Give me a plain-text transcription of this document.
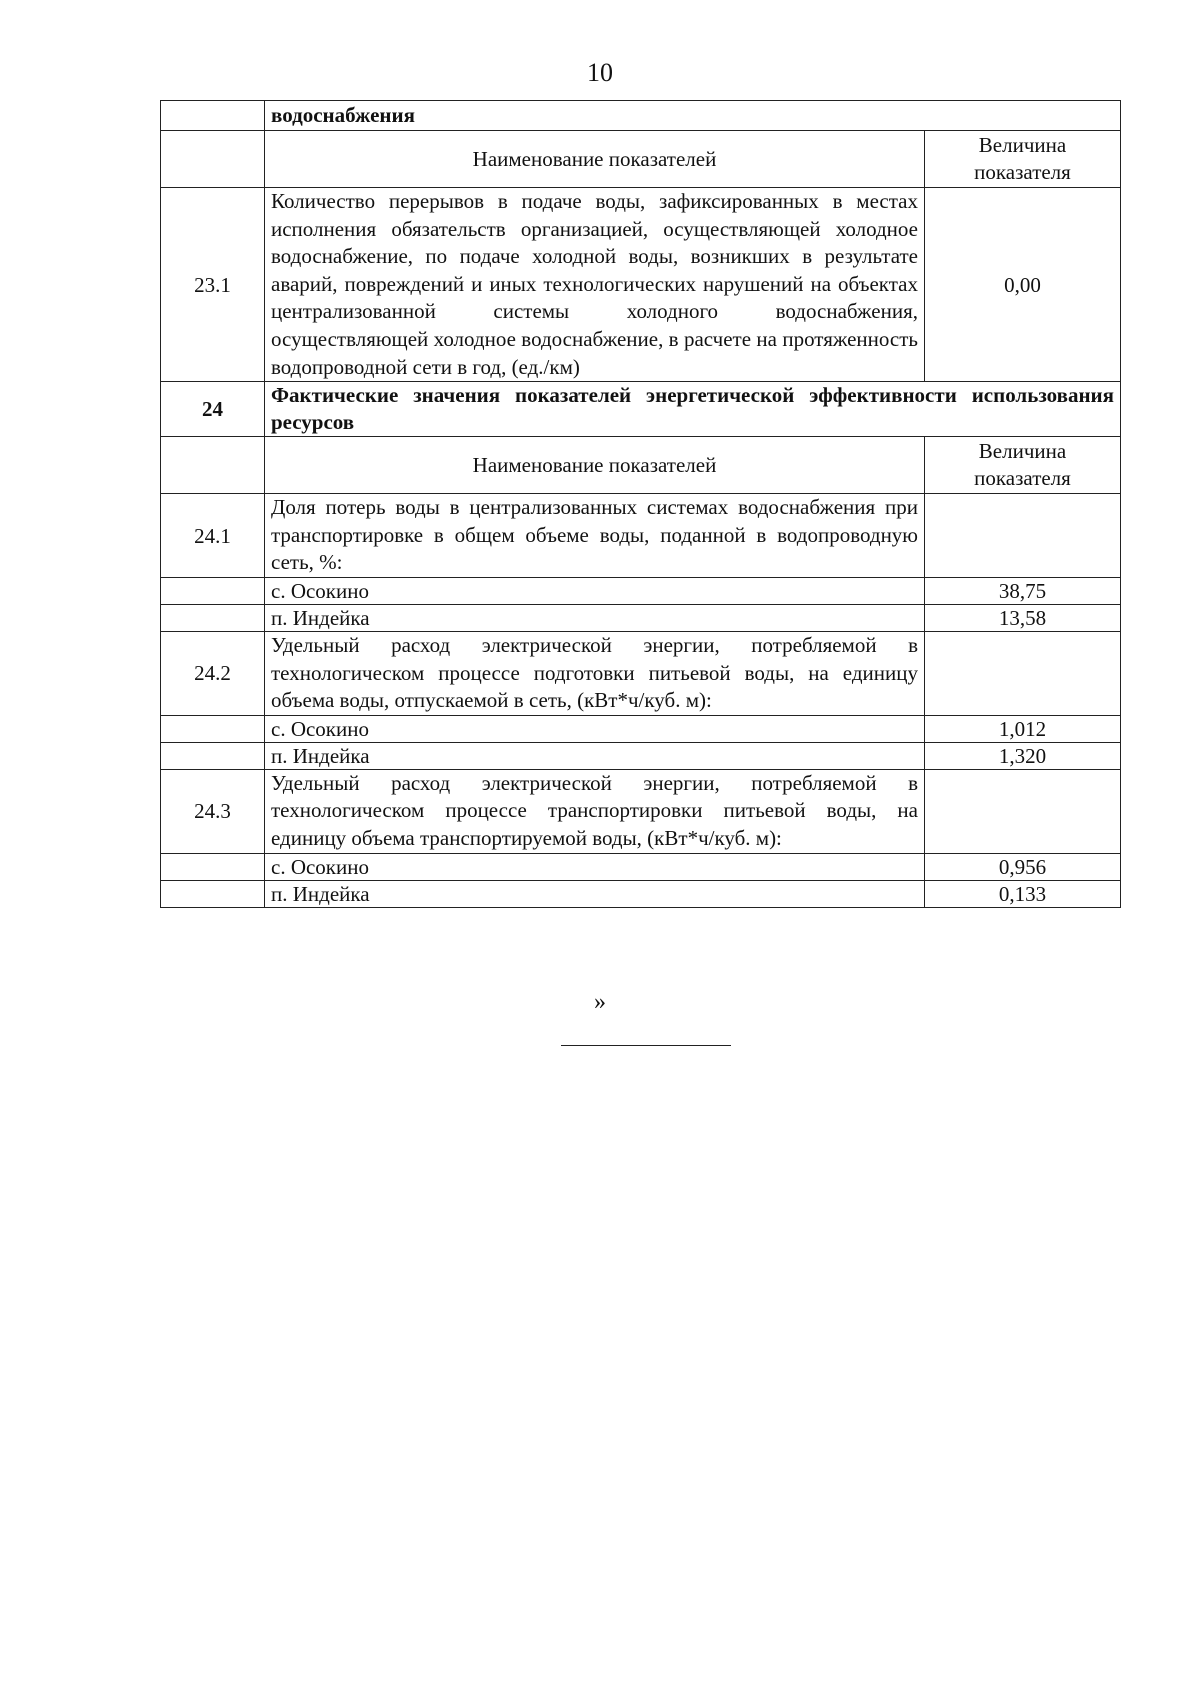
10
	водоснабжения	
	Наименование показателей	Величина показателя
23.1	Количество перерывов в подаче воды, зафиксированных в местах исполнения обязательств организацией, осуществляющей холодное водоснабжение, по подаче холодной воды, возникших в результате аварий, повреждений и иных технологических нарушений на объектах централизованной системы холодного водоснабжения, осуществляющей холодное водоснабжение, в расчете на протяженность водопроводной сети в год, (ед./км)	0,00
24	Фактические значения показателей энергетической эффективности использования ресурсов	
	Наименование показателей	Величина показателя
24.1	Доля потерь воды в централизованных системах водоснабжения при транспортировке в общем объеме воды, поданной в водопроводную сеть, %:	
	с. Осокино	38,75
	п. Индейка	13,58
24.2	Удельный расход электрической энергии, потребляемой в технологическом процессе подготовки питьевой воды, на единицу объема воды, отпускаемой в сеть, (кВт*ч/куб. м):	
	с. Осокино	1,012
	п. Индейка	1,320
24.3	Удельный расход электрической энергии, потребляемой в технологическом процессе транспортировки питьевой воды, на единицу объема транспортируемой воды, (кВт*ч/куб. м):	
	с. Осокино	0,956
	п. Индейка	0,133
»
